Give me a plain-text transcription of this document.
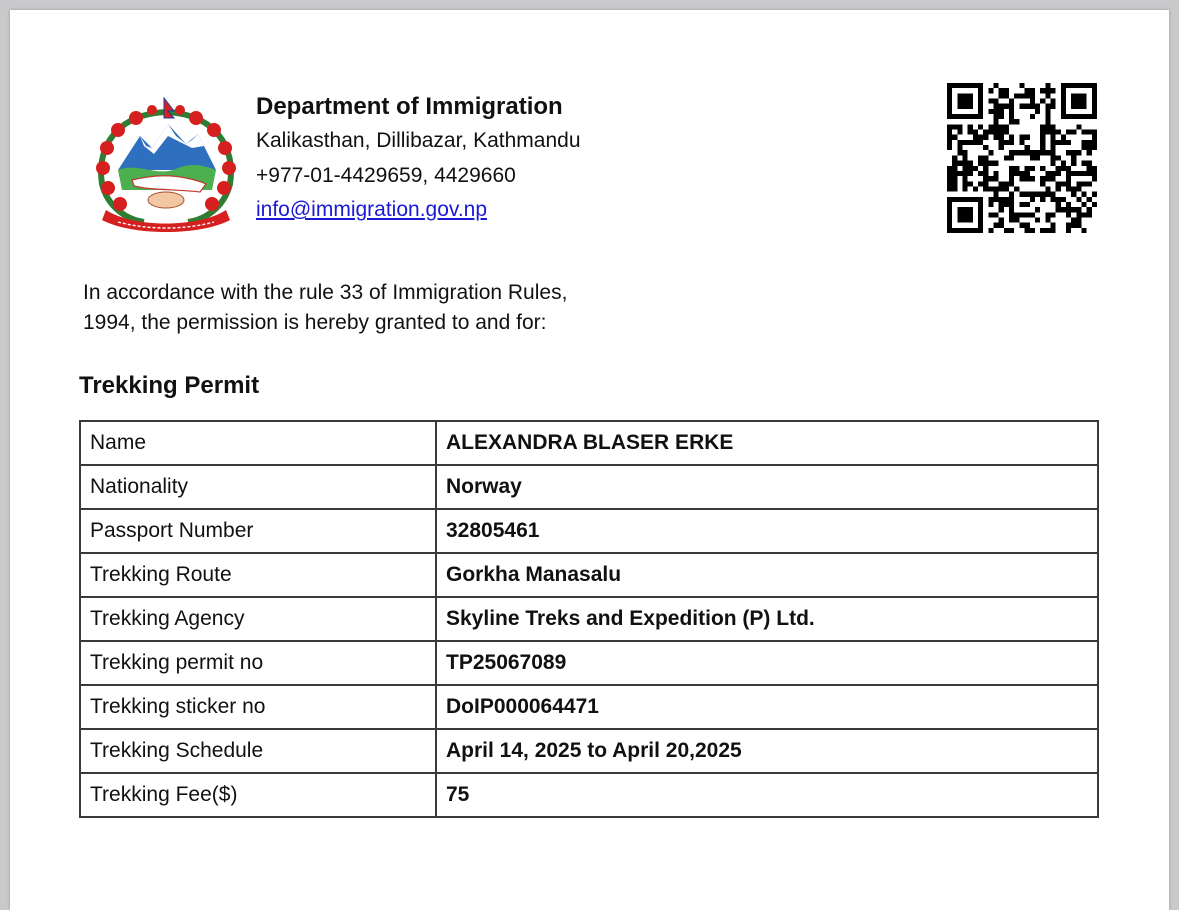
Department of Immigration
Kalikasthan, Dillibazar, Kathmandu
+977-01-4429659, 4429660
info@immigration.gov.np
In accordance with the rule 33 of Immigration Rules,
1994, the permission is hereby granted to and for:
Trekking Permit
Name	ALEXANDRA BLASER ERKE
Nationality	Norway
Passport Number	32805461
Trekking Route	Gorkha Manasalu
Trekking Agency	Skyline Treks and Expedition (P) Ltd.
Trekking permit no	TP25067089
Trekking sticker no	DoIP000064471
Trekking Schedule	April 14, 2025 to April 20,2025
Trekking Fee($)	75
